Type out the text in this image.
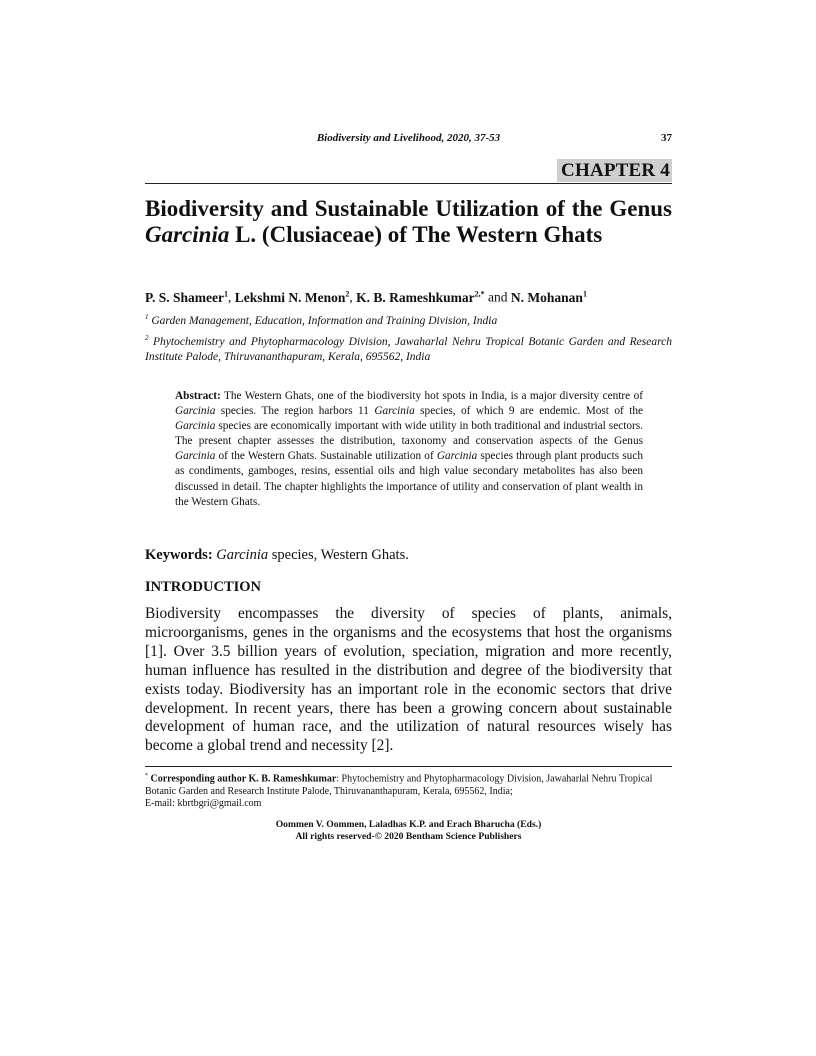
Biodiversity and Livelihood, 2020, 37-53	37
CHAPTER 4
Biodiversity and Sustainable Utilization of the Genus Garcinia L. (Clusiaceae) of The Western Ghats
P. S. Shameer$^1$, Lekshmi N. Menon$^2$, K. B. Rameshkumar$^{2,*}$ and N. Mohanan$^1$
$^1$ Garden Management, Education, Information and Training Division, India
$^2$ Phytochemistry and Phytopharmacology Division, Jawaharlal Nehru Tropical Botanic Garden and Research Institute Palode, Thiruvananthapuram, Kerala, 695562, India

Abstract: The Western Ghats, one of the biodiversity hot spots in India, is a major diversity centre of Garcinia species. The region harbors 11 Garcinia species, of which 9 are endemic. Most of the Garcinia species are economically important with wide utility in both traditional and industrial sectors. The present chapter assesses the distribution, taxonomy and conservation aspects of the Genus Garcinia of the Western Ghats. Sustainable utilization of Garcinia species through plant products such as condiments, gamboges, resins, essential oils and high value secondary metabolites has also been discussed in detail. The chapter highlights the importance of utility and conservation of plant wealth in the Western Ghats.

Keywords: Garcinia species, Western Ghats.
INTRODUCTION

Biodiversity encompasses the diversity of species of plants, animals, microorganisms, genes in the organisms and the ecosystems that host the organisms [1]. Over 3.5 billion years of evolution, speciation, migration and more recently, human influence has resulted in the distribution and degree of the biodiversity that exists today. Biodiversity has an important role in the economic sectors that drive development. In recent years, there has been a growing concern about sustainable development of human race, and the utilization of natural resources wisely has become a global trend and necessity [2].

* Corresponding author K. B. Rameshkumar: Phytochemistry and Phytopharmacology Division, Jawaharlal Nehru Tropical Botanic Garden and Research Institute Palode, Thiruvananthapuram, Kerala, 695562, India;
E-mail: kbrtbgri@gmail.com

Oommen V. Oommen, Laladhas K.P. and Erach Bharucha (Eds.)
All rights reserved-© 2020 Bentham Science Publishers
